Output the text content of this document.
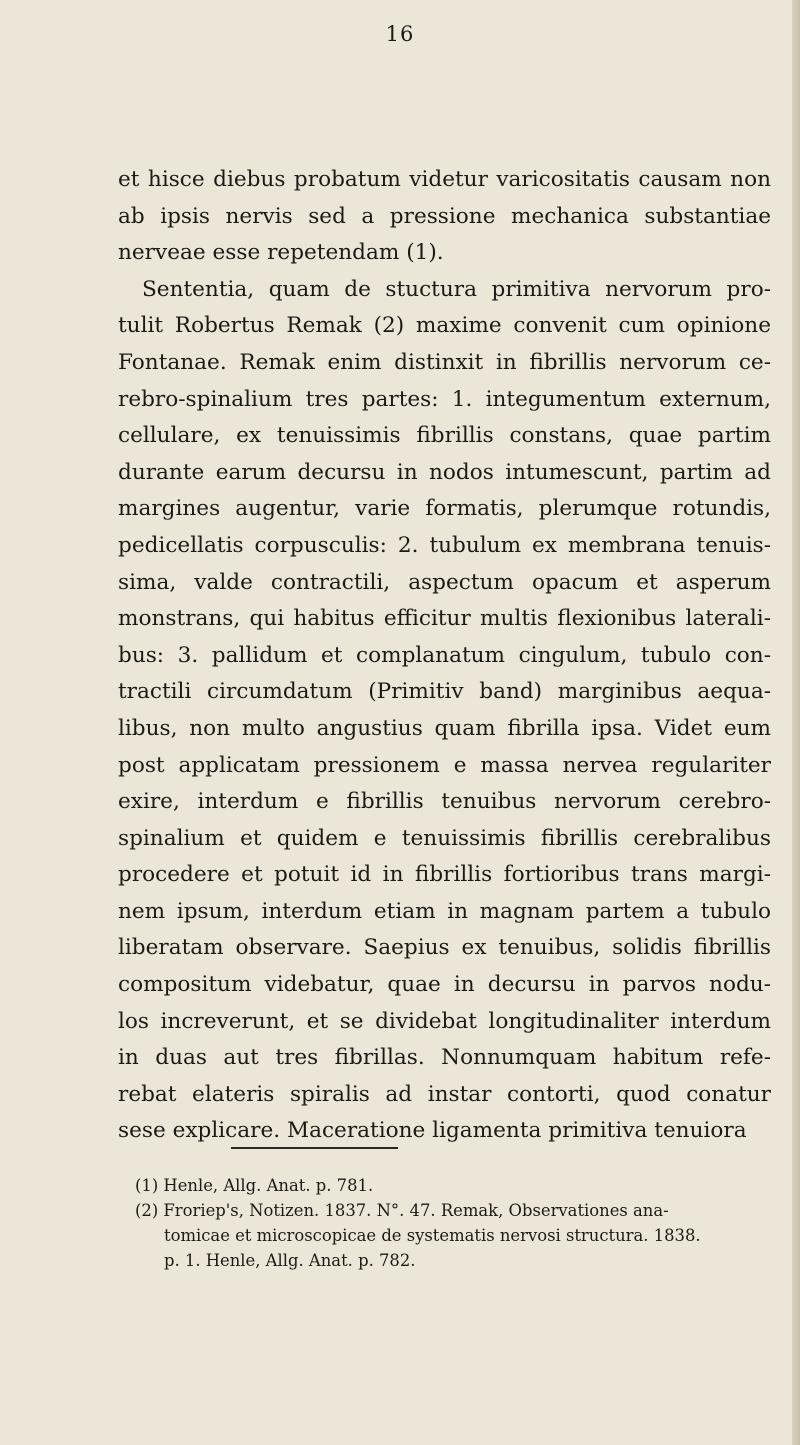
16
et hisce diebus probatum videtur varicositatis causam non
ab ipsis nervis sed a pressione mechanica substantiae
nerveae esse repetendam (1).
Sententia, quam de stuctura primitiva nervorum pro-
tulit Robertus Remak (2) maxime convenit cum opinione
Fontanae. Remak enim distinxit in fibrillis nervorum ce-
rebro-spinalium tres partes: 1. integumentum externum,
cellulare, ex tenuissimis fibrillis constans, quae partim
durante earum decursu in nodos intumescunt, partim ad
margines augentur, varie formatis, plerumque rotundis,
pedicellatis corpusculis: 2. tubulum ex membrana tenuis-
sima, valde contractili, aspectum opacum et asperum
monstrans, qui habitus efficitur multis flexionibus laterali-
bus: 3. pallidum et complanatum cingulum, tubulo con-
tractili circumdatum (Primitiv band) marginibus aequa-
libus, non multo angustius quam fibrilla ipsa. Videt eum
post applicatam pressionem e massa nervea regulariter
exire, interdum e fibrillis tenuibus nervorum cerebro-
spinalium et quidem e tenuissimis fibrillis cerebralibus
procedere et potuit id in fibrillis fortioribus trans margi-
nem ipsum, interdum etiam in magnam partem a tubulo
liberatam observare. Saepius ex tenuibus, solidis fibrillis
compositum videbatur, quae in decursu in parvos nodu-
los increverunt, et se dividebat longitudinaliter interdum
in duas aut tres fibrillas. Nonnumquam habitum refe-
rebat elateris spiralis ad instar contorti, quod conatur
sese explicare. Maceratione ligamenta primitiva tenuiora
(1) Henle, Allg. Anat. p. 781.
(2) Froriep's, Notizen. 1837. N°. 47. Remak, Observationes ana-
tomicae et microscopicae de systematis nervosi structura. 1838.
p. 1. Henle, Allg. Anat. p. 782.
